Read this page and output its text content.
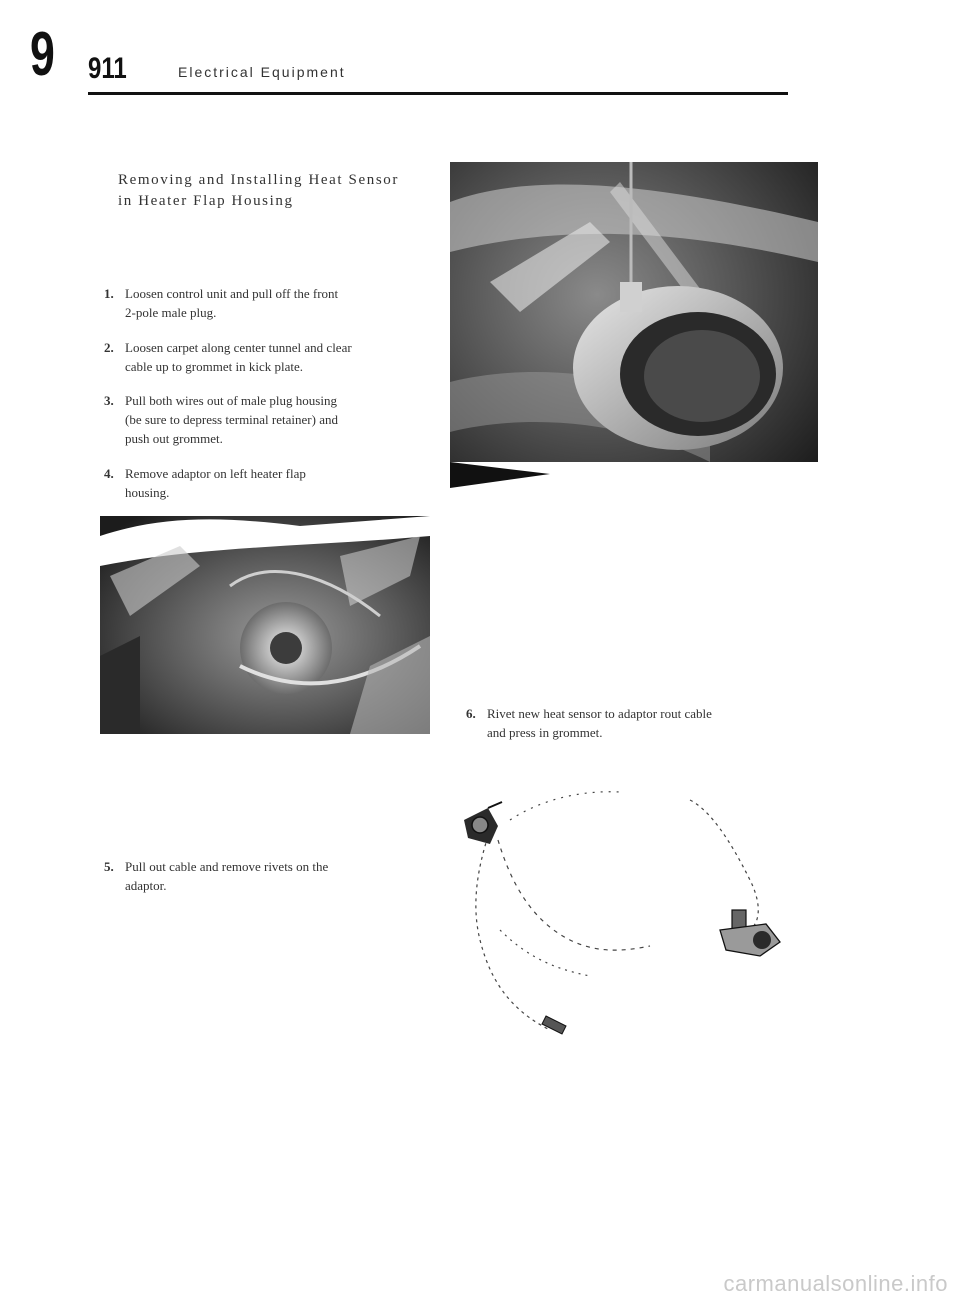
9 911	Electrical Equipment
Removing and Installing Heat Sensor
in Heater Flap Housing
1. Loosen control unit and pull off the front
2-pole male plug.
2. Loosen carpet along center tunnel and clear
cable up to grommet in kick plate.
3. Pull both wires out of male plug housing
(be sure to depress terminal retainer) and
push out grommet.
4. Remove adaptor on left heater flap
housing.
6. Rivet new heat sensor to adaptor rout cable
and press in grommet.
5. Pull out cable and remove rivets on the
adaptor.
carmanualsonline.info
